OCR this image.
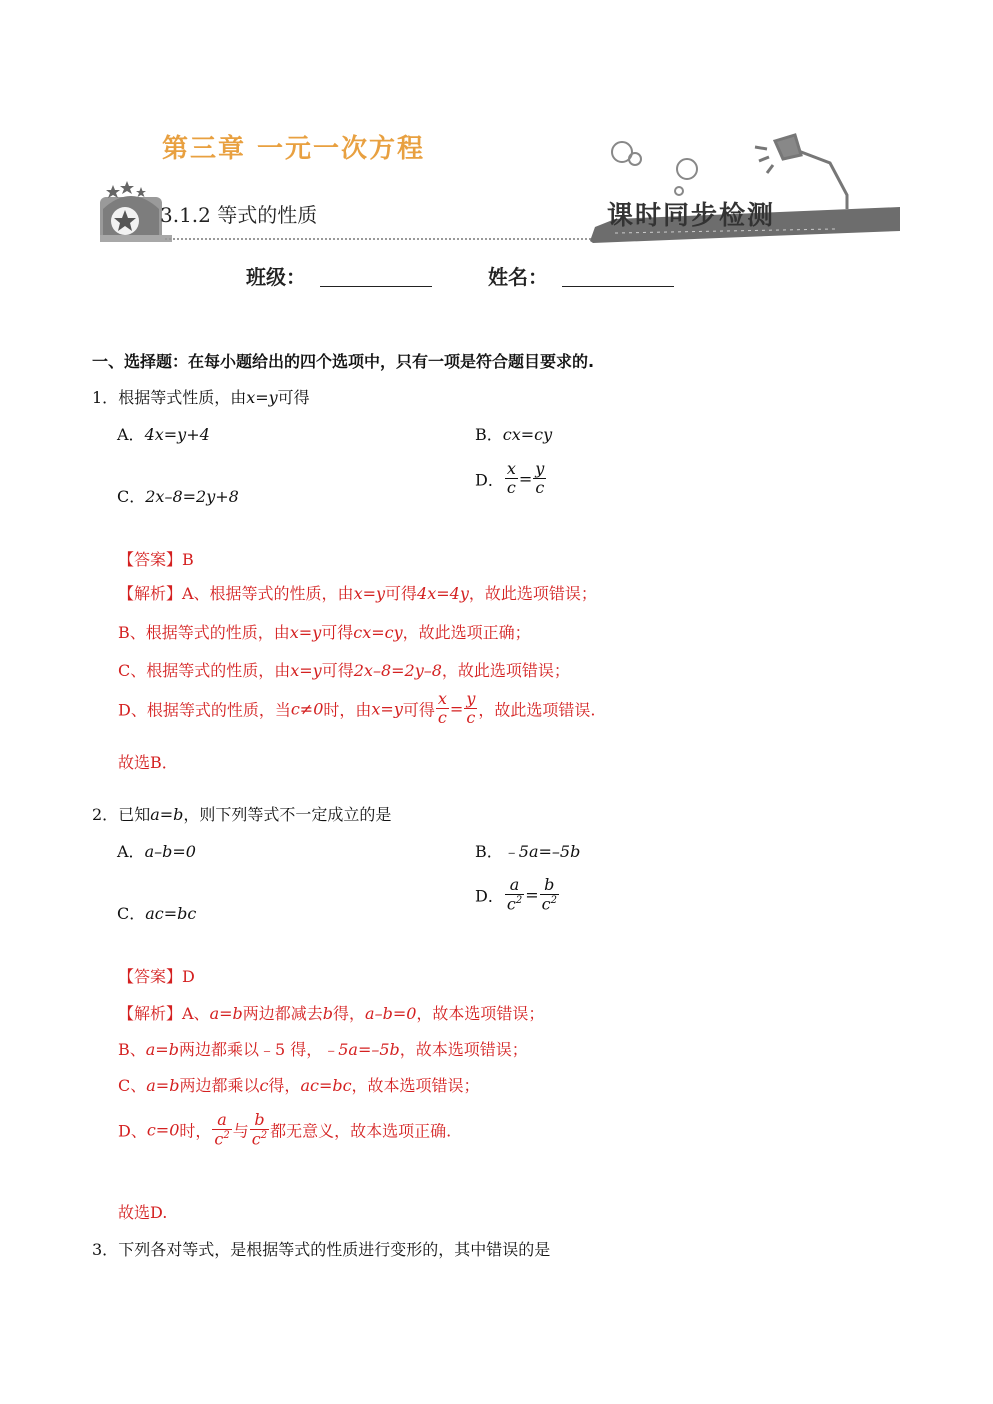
第三章 一元一次方程
3.1.2 等式的性质	课时同步检测
班级：	姓名：
一、选择题：在每小题给出的四个选项中，只有一项是符合题目要求的.
1．根据等式性质，由x=y可得
A．4x=y+4	B．cx=cy
C．2x–8=2y+8
D． $\frac{x}{c} = \frac{y}{c}$
【答案】B
【解析】A、根据等式的性质，由x=y可得4x=4y，故此选项错误；
B、根据等式的性质，由x=y可得cx=cy，故此选项正确；
C、根据等式的性质，由x=y可得2x–8=2y–8，故此选项错误；
D、根据等式的性质，当c≠0时，由x=y可得 $\frac{x}{c} = \frac{y}{c}$ ，故此选项错误.
故选B．
2．已知a=b，则下列等式不一定成立的是
A．a–b=0	B．﹣5a=–5b
C．ac=bc
D． $\frac{a}{c^2} = \frac{b}{c^2}$
【答案】D
【解析】A、a=b两边都减去b得，a–b=0，故本选项错误；
B、a=b两边都乘以﹣5 得，﹣5a=–5b，故本选项错误；
C、a=b两边都乘以c得，ac=bc，故本选项错误；
D、c=0时， $\frac{a}{c^2}$ 与 $\frac{b}{c^2}$ 都无意义，故本选项正确.
故选D.
3．下列各对等式，是根据等式的性质进行变形的，其中错误的是
